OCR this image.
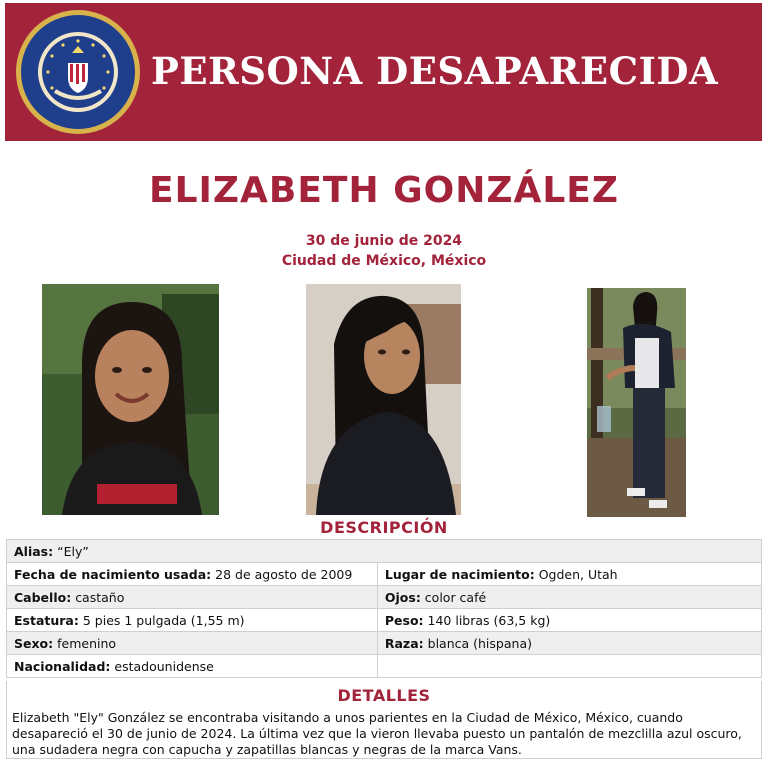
PERSONA DESAPARECIDA
ELIZABETH GONZÁLEZ
30 de junio de 2024
Ciudad de México, México
DESCRIPCIÓN
Alias: “Ely”	
Fecha de nacimiento usada: 28 de agosto de 2009	Lugar de nacimiento: Ogden, Utah
Cabello: castaño	Ojos: color café
Estatura: 5 pies 1 pulgada (1,55 m)	Peso: 140 libras (63,5 kg)
Sexo: femenino	Raza: blanca (hispana)
Nacionalidad: estadounidense	
DETALLES
Elizabeth "Ely" González se encontraba visitando a unos parientes en la Ciudad de México, México, cuando desapareció el 30 de junio de 2024. La última vez que la vieron llevaba puesto un pantalón de mezclilla azul oscuro, una sudadera negra con capucha y zapatillas blancas y negras de la marca Vans.
